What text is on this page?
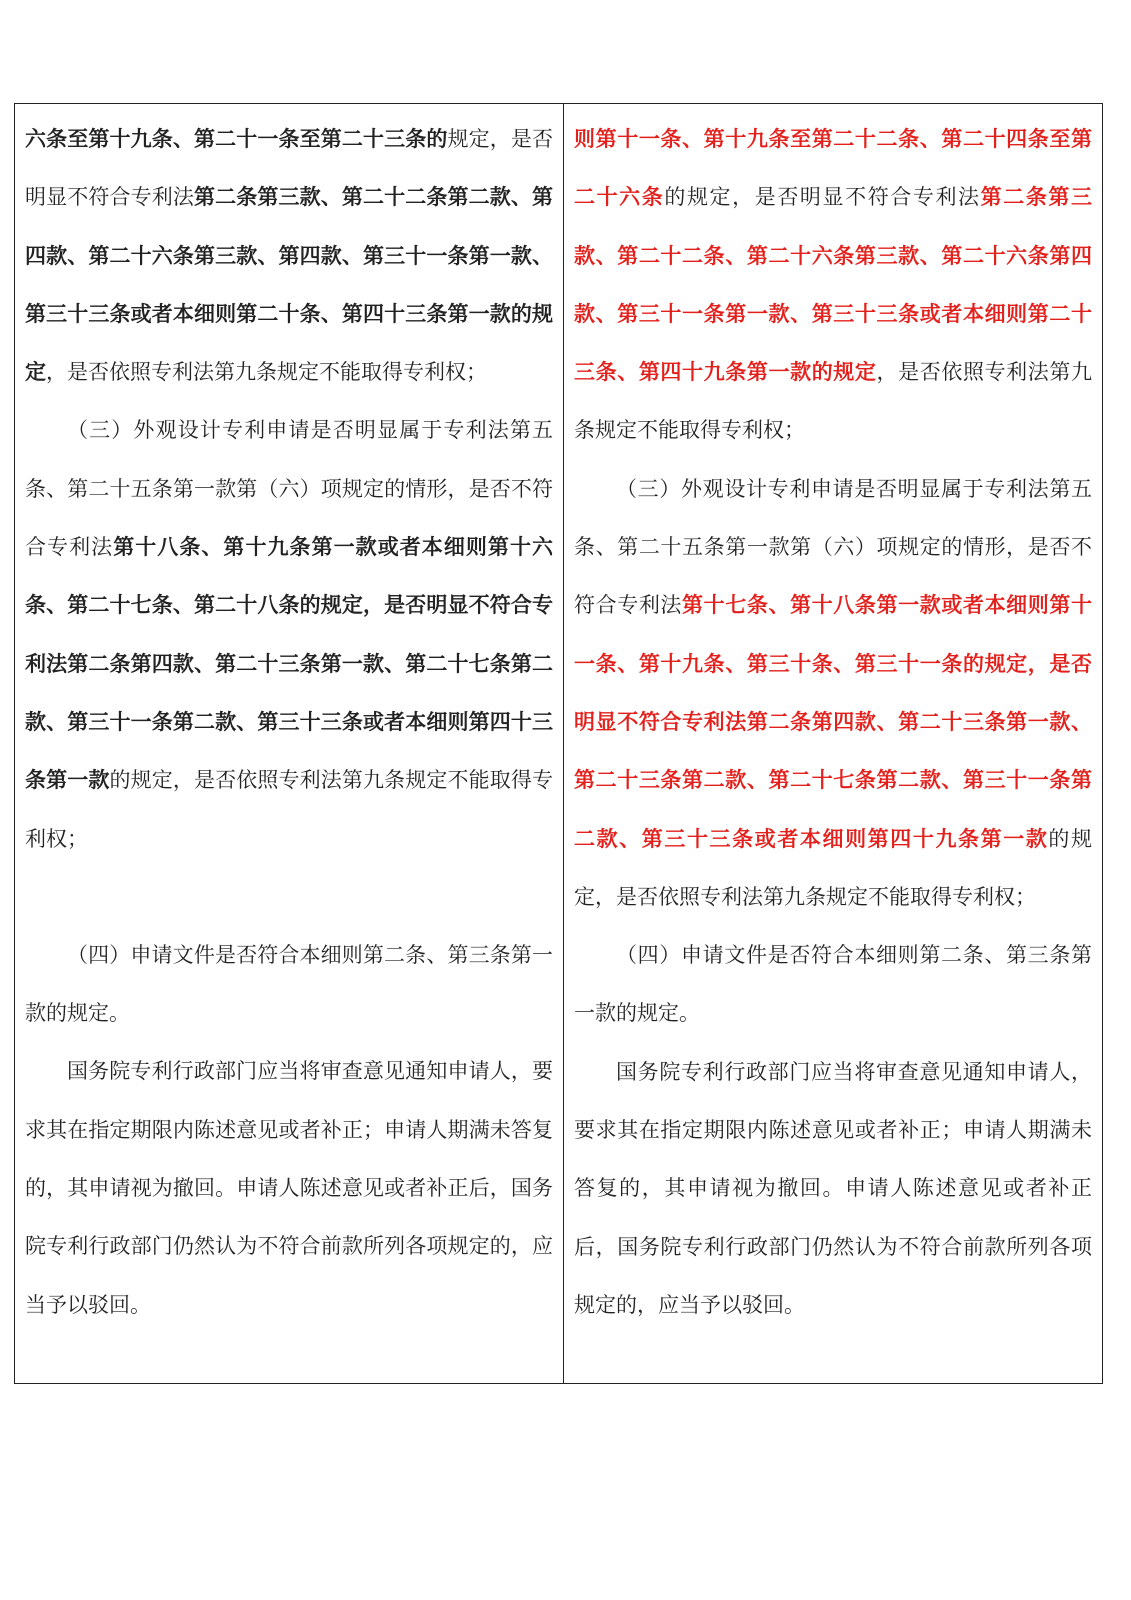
六条至第十九条、第二十一条至第二十三条的规定，是否明显不符合专利法第二条第三款、第二十二条第二款、第四款、第二十六条第三款、第四款、第三十一条第一款、第三十三条或者本细则第二十条、第四十三条第一款的规定，是否依照专利法第九条规定不能取得专利权；

（三）外观设计专利申请是否明显属于专利法第五条、第二十五条第一款第（六）项规定的情形，是否不符合专利法第十八条、第十九条第一款或者本细则第十六条、第二十七条、第二十八条的规定，是否明显不符合专利法第二条第四款、第二十三条第一款、第二十七条第二款、第三十一条第二款、第三十三条或者本细则第四十三条第一款的规定，是否依照专利法第九条规定不能取得专利权；

（四）申请文件是否符合本细则第二条、第三条第一款的规定。

国务院专利行政部门应当将审查意见通知申请人，要求其在指定期限内陈述意见或者补正；申请人期满未答复的，其申请视为撤回。申请人陈述意见或者补正后，国务院专利行政部门仍然认为不符合前款所列各项规定的，应当予以驳回。

则第十一条、第十九条至第二十二条、第二十四条至第二十六条的规定，是否明显不符合专利法第二条第三款、第二十二条、第二十六条第三款、第二十六条第四款、第三十一条第一款、第三十三条或者本细则第二十三条、第四十九条第一款的规定，是否依照专利法第九条规定不能取得专利权；

（三）外观设计专利申请是否明显属于专利法第五条、第二十五条第一款第（六）项规定的情形，是否不符合专利法第十七条、第十八条第一款或者本细则第十一条、第十九条、第三十条、第三十一条的规定，是否明显不符合专利法第二条第四款、第二十三条第一款、第二十三条第二款、第二十七条第二款、第三十一条第二款、第三十三条或者本细则第四十九条第一款的规定，是否依照专利法第九条规定不能取得专利权；

（四）申请文件是否符合本细则第二条、第三条第一款的规定。

国务院专利行政部门应当将审查意见通知申请人，要求其在指定期限内陈述意见或者补正；申请人期满未答复的，其申请视为撤回。申请人陈述意见或者补正后，国务院专利行政部门仍然认为不符合前款所列各项规定的，应当予以驳回。
